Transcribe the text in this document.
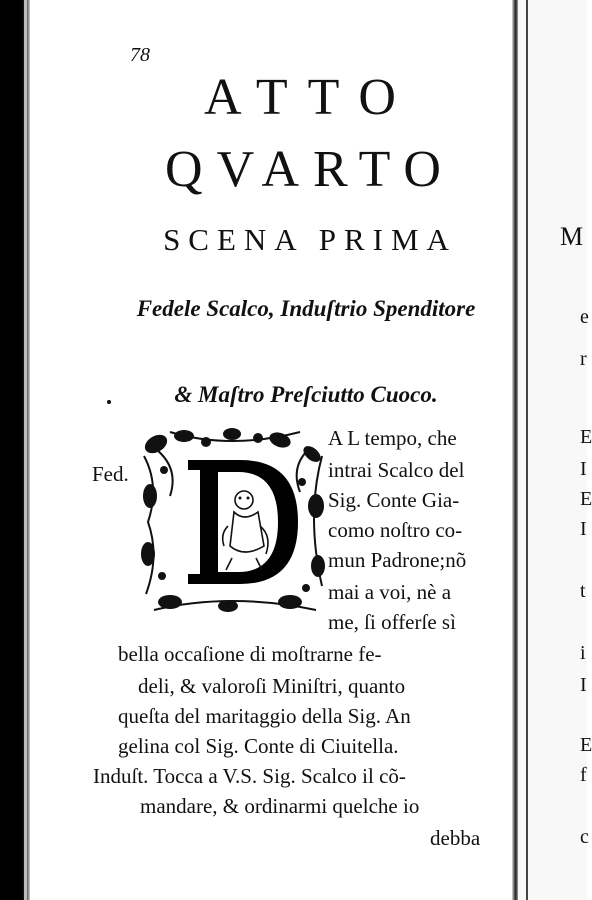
M
e
r
E
I
E
I
t
i
I
E
f
c
78
ATTO
QVARTO
SCENA PRIMA
Fedele Scalco, Induſtrio Spenditore
& Maſtro Preſciutto Cuoco.
Fed.
A L tempo, che
intrai Scalco del
Sig. Conte Gia-
como noſtro co-
mun Padrone;nõ
mai a voi, nè a
me, ſi offerſe sì
bella occaſione di moſtrarne fe-
deli, & valoroſi Miniſtri, quanto
queſta del maritaggio della Sig. An
gelina col Sig. Conte di Ciuitella.
Induſt. Tocca a V.S. Sig. Scalco il cõ-
mandare, & ordinarmi quelche io
debba
